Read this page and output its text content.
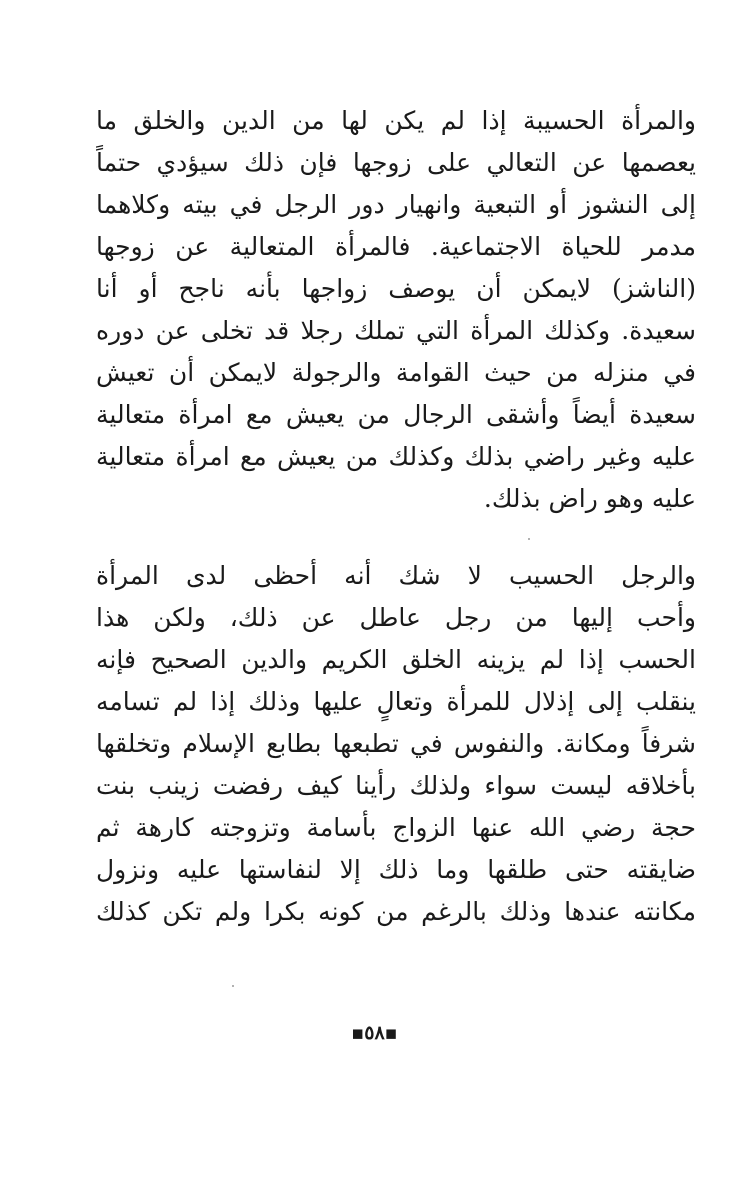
والمرأة الحسيبة إذا لم يكن لها من الدين والخلق ما
يعصمها عن التعالي على زوجها فإن ذلك سيؤدي حتماً
إلى النشوز أو التبعية وانهيار دور الرجل في بيته وكلاهما
مدمر للحياة الاجتماعية. فالمرأة المتعالية عن زوجها
(الناشز) لايمكن أن يوصف زواجها بأنه ناجح أو أنا
سعيدة. وكذلك المرأة التي تملك رجلا قد تخلى عن دوره
في منزله من حيث القوامة والرجولة لايمكن أن تعيش
سعيدة أيضاً وأشقى الرجال من يعيش مع امرأة متعالية
عليه وغير راضي بذلك وكذلك من يعيش مع امرأة متعالية
عليه وهو راض بذلك.
والرجل الحسيب لا شك أنه أحظى لدى المرأة
وأحب إليها من رجل عاطل عن ذلك، ولكن هذا
الحسب إذا لم يزينه الخلق الكريم والدين الصحيح فإنه
ينقلب إلى إذلال للمرأة وتعالٍ عليها وذلك إذا لم تسامه
شرفاً ومكانة. والنفوس في تطبعها بطابع الإسلام وتخلقها
بأخلاقه ليست سواء ولذلك رأينا كيف رفضت زينب بنت
حجة رضي الله عنها الزواج بأسامة وتزوجته كارهة ثم
ضايقته حتى طلقها وما ذلك إلا لنفاستها عليه ونزول
مكانته عندها وذلك بالرغم من كونه بكرا ولم تكن كذلك
▪٥٨▪
